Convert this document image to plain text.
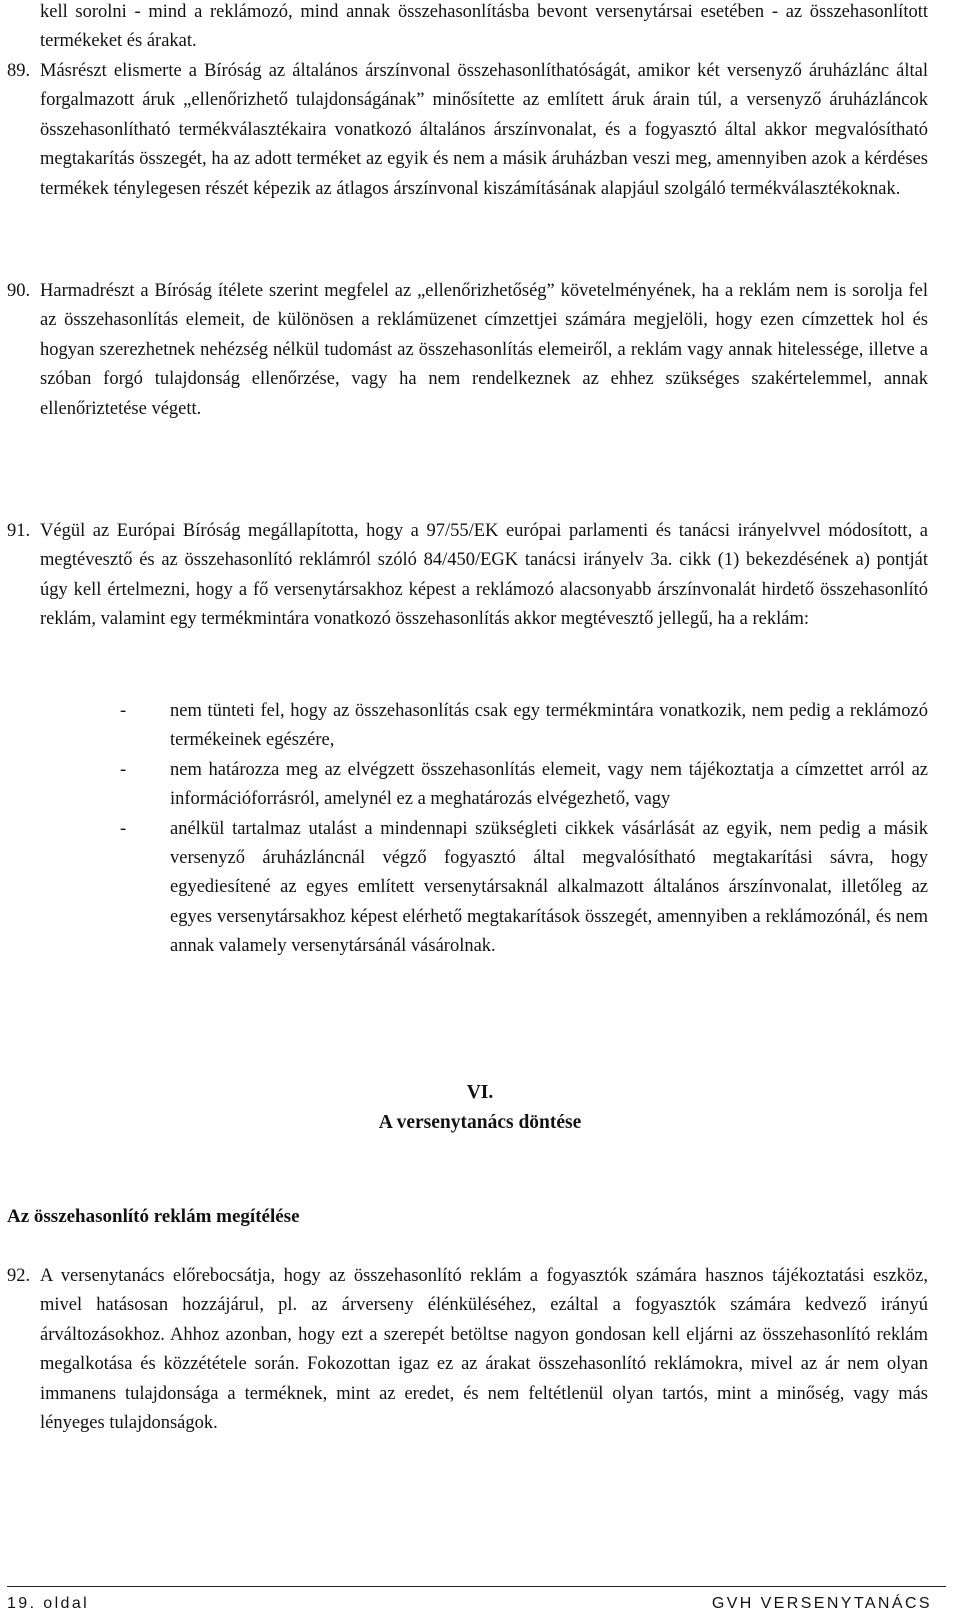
kell sorolni - mind a reklámozó, mind annak összehasonlításba bevont versenytársai esetében - az összehasonlított termékeket és árakat.

89. Másrészt elismerte a Bíróság az általános árszínvonal összehasonlíthatóságát, amikor két versenyző áruházlánc által forgalmazott áruk „ellenőrizhető tulajdonságának” minősítette az említett áruk árain túl, a versenyző áruházláncok összehasonlítható termékválasztékaira vonatkozó általános árszínvonalat, és a fogyasztó által akkor megvalósítható megtakarítás összegét, ha az adott terméket az egyik és nem a másik áruházban veszi meg, amennyiben azok a kérdéses termékek ténylegesen részét képezik az átlagos árszínvonal kiszámításának alapjául szolgáló termékválasztékoknak.

90. Harmadrészt a Bíróság ítélete szerint megfelel az „ellenőrizhetőség” követelményének, ha a reklám nem is sorolja fel az összehasonlítás elemeit, de különösen a reklámüzenet címzettjei számára megjelöli, hogy ezen címzettek hol és hogyan szerezhetnek nehézség nélkül tudomást az összehasonlítás elemeiről, a reklám vagy annak hitelessége, illetve a szóban forgó tulajdonság ellenőrzése, vagy ha nem rendelkeznek az ehhez szükséges szakértelemmel, annak ellenőriztetése végett.

91. Végül az Európai Bíróság megállapította, hogy a 97/55/EK európai parlamenti és tanácsi irányelvvel módosított, a megtévesztő és az összehasonlító reklámról szóló 84/450/EGK tanácsi irányelv 3a. cikk (1) bekezdésének a) pontját úgy kell értelmezni, hogy a fő versenytársakhoz képest a reklámozó alacsonyabb árszínvonalát hirdető összehasonlító reklám, valamint egy termékmintára vonatkozó összehasonlítás akkor megtévesztő jellegű, ha a reklám:

- nem tünteti fel, hogy az összehasonlítás csak egy termékmintára vonatkozik, nem pedig a reklámozó termékeinek egészére,
- nem határozza meg az elvégzett összehasonlítás elemeit, vagy nem tájékoztatja a címzettet arról az információforrásról, amelynél ez a meghatározás elvégezhető, vagy
- anélkül tartalmaz utalást a mindennapi szükségleti cikkek vásárlását az egyik, nem pedig a másik versenyző áruházláncnál végző fogyasztó által megvalósítható megtakarítási sávra, hogy egyediesítené az egyes említett versenytársaknál alkalmazott általános árszínvonalat, illetőleg az egyes versenytársakhoz képest elérhető megtakarítások összegét, amennyiben a reklámozónál, és nem annak valamely versenytársánál vásárolnak.
VI.
A versenytanács döntése
Az összehasonlító reklám megítélése
92. A versenytanács előrebocsátja, hogy az összehasonlító reklám a fogyasztók számára hasznos tájékoztatási eszköz, mivel hatásosan hozzájárul, pl. az árverseny élénküléséhez, ezáltal a fogyasztók számára kedvező irányú árváltozásokhoz. Ahhoz azonban, hogy ezt a szerepét betöltse nagyon gondosan kell eljárni az összehasonlító reklám megalkotása és közzététele során. Fokozottan igaz ez az árakat összehasonlító reklámokra, mivel az ár nem olyan immanens tulajdonsága a terméknek, mint az eredet, és nem feltétlenül olyan tartós, mint a minőség, vagy más lényeges tulajdonságok.

19. oldal	GVH VERSENYTANÁCS
